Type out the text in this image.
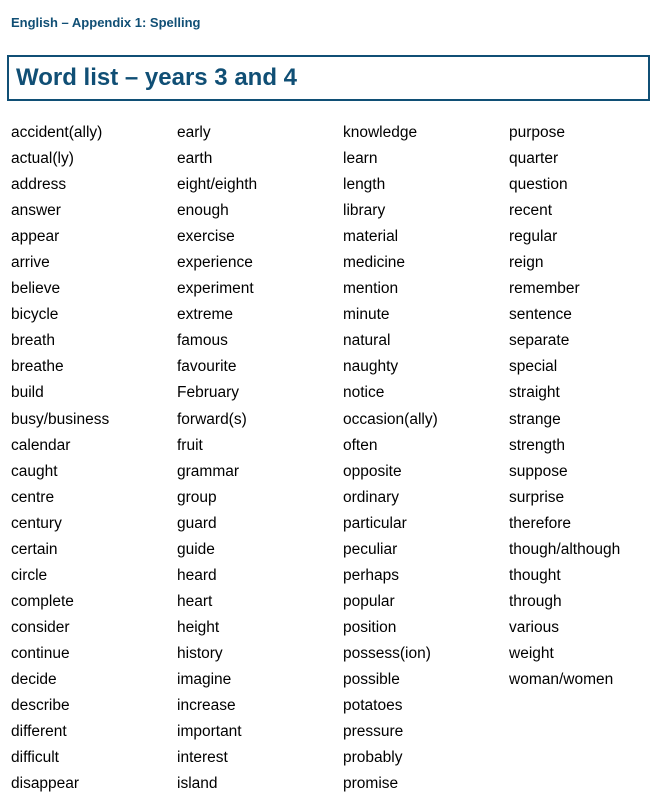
English – Appendix 1: Spelling
Word list – years 3 and 4
accident(ally)
actual(ly)
address
answer
appear
arrive
believe
bicycle
breath
breathe
build
busy/business
calendar
caught
centre
century
certain
circle
complete
consider
continue
decide
describe
different
difficult
disappear
early
earth
eight/eighth
enough
exercise
experience
experiment
extreme
famous
favourite
February
forward(s)
fruit
grammar
group
guard
guide
heard
heart
height
history
imagine
increase
important
interest
island
knowledge
learn
length
library
material
medicine
mention
minute
natural
naughty
notice
occasion(ally)
often
opposite
ordinary
particular
peculiar
perhaps
popular
position
possess(ion)
possible
potatoes
pressure
probably
promise
purpose
quarter
question
recent
regular
reign
remember
sentence
separate
special
straight
strange
strength
suppose
surprise
therefore
though/although
thought
through
various
weight
woman/women
